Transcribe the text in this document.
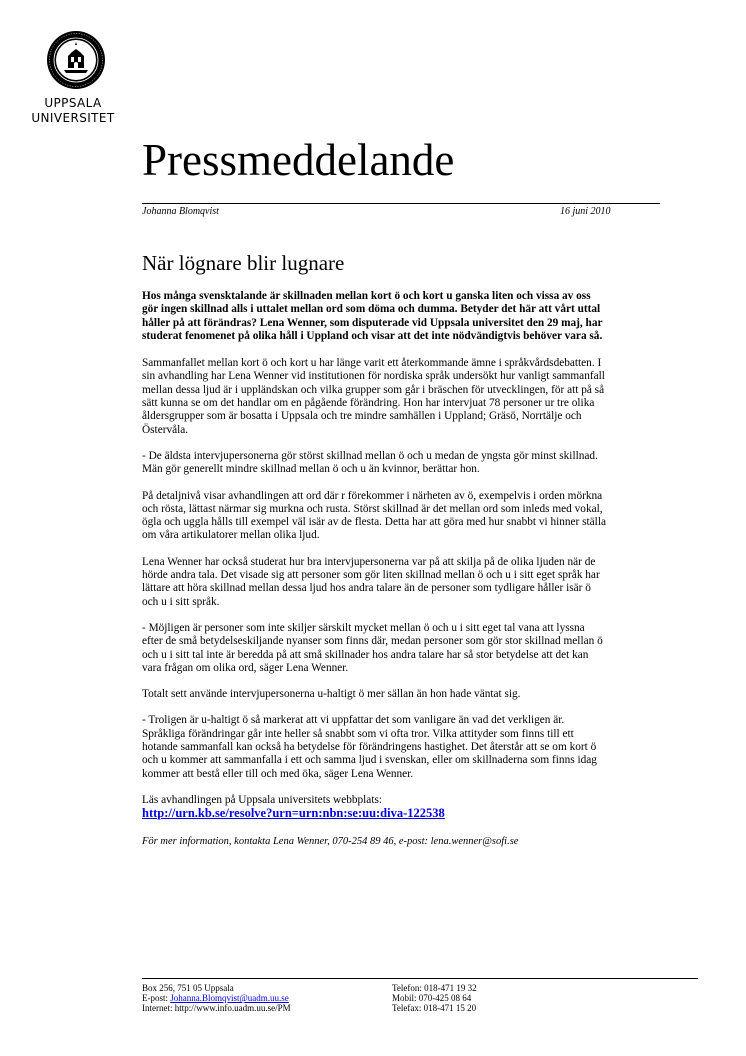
UPPSALA
UNIVERSITET
Pressmeddelande
Johanna Blomqvist	16 juni 2010
När lögnare blir lugnare

Hos många svensktalande är skillnaden mellan kort ö och kort u ganska liten och vissa av oss
gör ingen skillnad alls i uttalet mellan ord som döma och dumma. Betyder det här att vårt uttal
håller på att förändras? Lena Wenner, som disputerade vid Uppsala universitet den 29 maj, har
studerat fenomenet på olika håll i Uppland och visar att det inte nödvändigtvis behöver vara så.

Sammanfallet mellan kort ö och kort u har länge varit ett återkommande ämne i språkvårdsdebatten. I
sin avhandling har Lena Wenner vid institutionen för nordiska språk undersökt hur vanligt sammanfall
mellan dessa ljud är i uppländskan och vilka grupper som går i bräschen för utvecklingen, för att på så
sätt kunna se om det handlar om en pågående förändring. Hon har intervjuat 78 personer ur tre olika
åldersgrupper som är bosatta i Uppsala och tre mindre samhällen i Uppland; Gräsö, Norrtälje och
Östervåla.

- De äldsta intervjupersonerna gör störst skillnad mellan ö och u medan de yngsta gör minst skillnad.
Män gör generellt mindre skillnad mellan ö och u än kvinnor, berättar hon.

På detaljnivå visar avhandlingen att ord där r förekommer i närheten av ö, exempelvis i orden mörkna
och rösta, lättast närmar sig murkna och rusta. Störst skillnad är det mellan ord som inleds med vokal,
ögla och uggla hålls till exempel väl isär av de flesta. Detta har att göra med hur snabbt vi hinner ställa
om våra artikulatorer mellan olika ljud.

Lena Wenner har också studerat hur bra intervjupersonerna var på att skilja på de olika ljuden när de
hörde andra tala. Det visade sig att personer som gör liten skillnad mellan ö och u i sitt eget språk har
lättare att höra skillnad mellan dessa ljud hos andra talare än de personer som tydligare håller isär ö
och u i sitt språk.

- Möjligen är personer som inte skiljer särskilt mycket mellan ö och u i sitt eget tal vana att lyssna
efter de små betydelseskiljande nyanser som finns där, medan personer som gör stor skillnad mellan ö
och u i sitt tal inte är beredda på att små skillnader hos andra talare har så stor betydelse att det kan
vara frågan om olika ord, säger Lena Wenner.

Totalt sett använde intervjupersonerna u-haltigt ö mer sällan än hon hade väntat sig.

- Troligen är u-haltigt ö så markerat att vi uppfattar det som vanligare än vad det verkligen är.
Språkliga förändringar går inte heller så snabbt som vi ofta tror. Vilka attityder som finns till ett
hotande sammanfall kan också ha betydelse för förändringens hastighet. Det återstår att se om kort ö
och u kommer att sammanfalla i ett och samma ljud i svenskan, eller om skillnaderna som finns idag
kommer att bestå eller till och med öka, säger Lena Wenner.

Läs avhandlingen på Uppsala universitets webbplats:
http://urn.kb.se/resolve?urn=urn:nbn:se:uu:diva-122538

För mer information, kontakta Lena Wenner, 070-254 89 46, e-post: lena.wenner@sofi.se

Box 256, 751 05 Uppsala
E-post: Johanna.Blomqvist@uadm.uu.se
Internet: http://www.info.uadm.uu.se/PM
Telefon: 018-471 19 32
Mobil: 070-425 08 64
Telefax: 018-471 15 20
